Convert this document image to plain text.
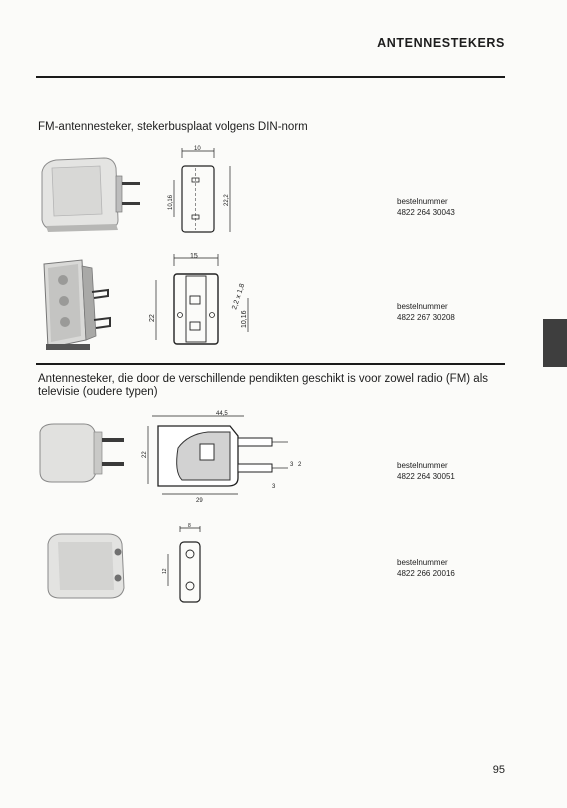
ANTENNESTEKERS
FM-antennesteker, stekerbusplaat volgens DIN-norm
10
10,16	22,2	bestelnummer
4822 264 30043
15
22
2,2 x 1,8
10,16
bestelnummer
4822 267 30208
Antennesteker, die door de verschillende pendikten geschikt is voor zowel radio (FM) als televisie (oudere typen)
44,5
22
3 2
3
29
bestelnummer
4822 264 30051
8
12
bestelnummer
4822 266 20016
95
